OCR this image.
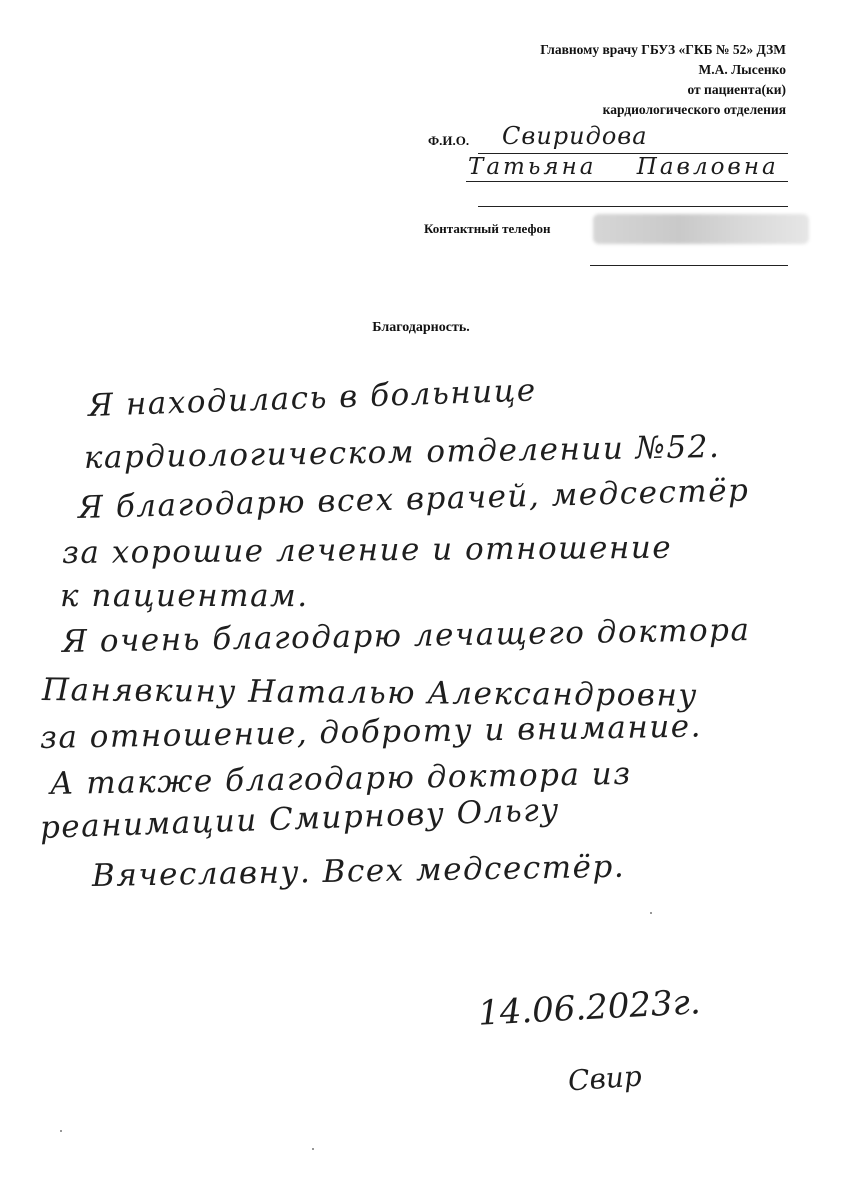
Главному врачу ГБУЗ «ГКБ № 52» ДЗМ
М.А. Лысенко
от пациента(ки)
кардиологического отделения
Ф.И.О. Свиридова
Татьяна Павловна
Контактный телефон
Благодарность.
Я находилась в больнице
кардиологическом отделении №52.
Я благодарю всех врачей, медсестёр
за хорошие лечение и отношение
к пациентам.
Я очень благодарю лечащего доктора
Панявкину Наталью Александровну
за отношение, доброту и внимание.
А также благодарю доктора из
реанимации Смирнову Ольгу
Вячеславну. Всех медсестёр.
14.06.2023г.
Свир
